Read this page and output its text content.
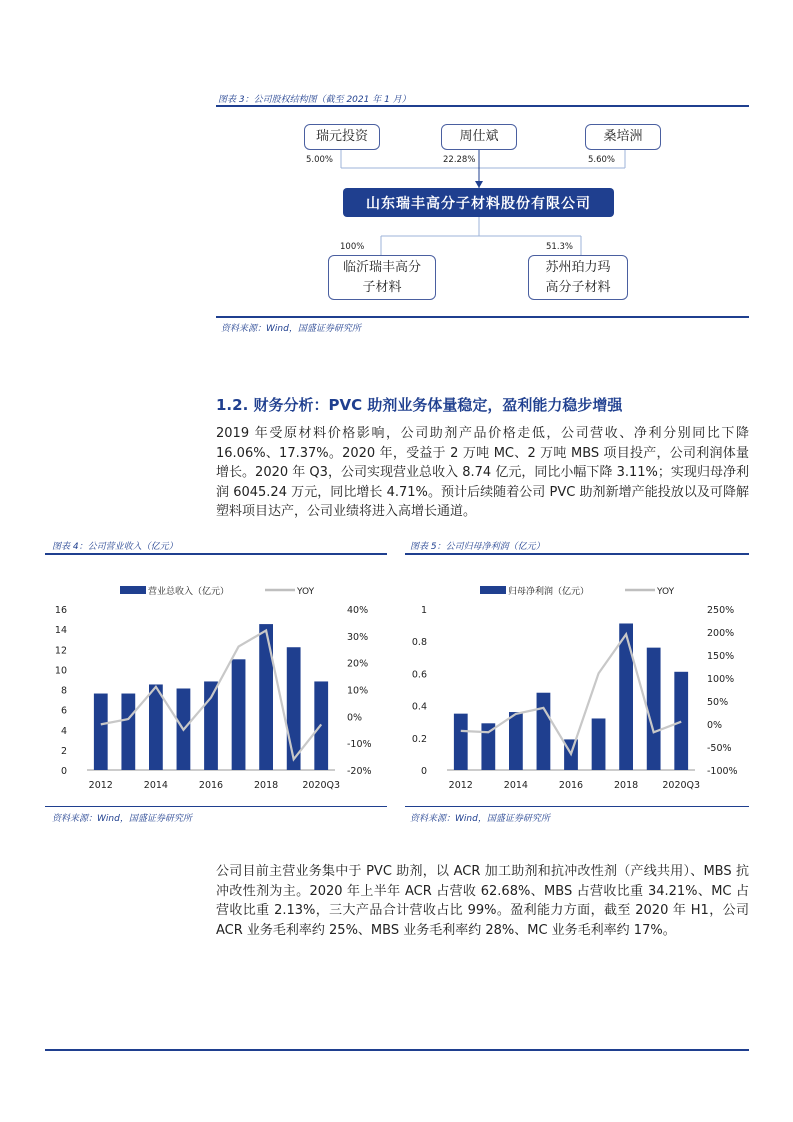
图表 3：公司股权结构图（截至 2021 年 1 月）
瑞元投资
5.00%
周仕斌
22.28%
桑培洲
5.60%
山东瑞丰高分子材料股份有限公司
100%
临沂瑞丰高分
子材料
51.3%
苏州珀力玛
高分子材料
资料来源：Wind，国盛证券研究所
1.2. 财务分析：PVC 助剂业务体量稳定，盈利能力稳步增强
2019 年受原材料价格影响，公司助剂产品价格走低，公司营收、净利分别同比下降 16.06%、17.37%。2020 年，受益于 2 万吨 MC、2 万吨 MBS 项目投产，公司利润体量增长。2020 年 Q3，公司实现营业总收入 8.74 亿元，同比小幅下降 3.11%；实现归母净利润 6045.24 万元，同比增长 4.71%。预计后续随着公司 PVC 助剂新增产能投放以及可降解塑料项目达产，公司业绩将进入高增长通道。
图表 4：公司营业收入（亿元）
营业总收入（亿元）	YOY
0
2
4
6
8
10
12
14
16
-20%
-10%
0%
10%
20%
30%
40%
2012	2014	2016	2018	2020Q3
资料来源：Wind，国盛证券研究所
图表 5：公司归母净利润（亿元）
归母净利润（亿元）	YOY
0
0.2
0.4
0.6
0.8
1
-100%
-50%
0%
50%
100%
150%
200%
250%
2012	2014	2016	2018	2020Q3
资料来源：Wind，国盛证券研究所
公司目前主营业务集中于 PVC 助剂，以 ACR 加工助剂和抗冲改性剂（产线共用）、MBS 抗冲改性剂为主。2020 年上半年 ACR 占营收 62.68%、MBS 占营收比重 34.21%、MC 占营收比重 2.13%，三大产品合计营收占比 99%。盈利能力方面，截至 2020 年 H1，公司 ACR 业务毛利率约 25%、MBS 业务毛利率约 28%、MC 业务毛利率约 17%。
